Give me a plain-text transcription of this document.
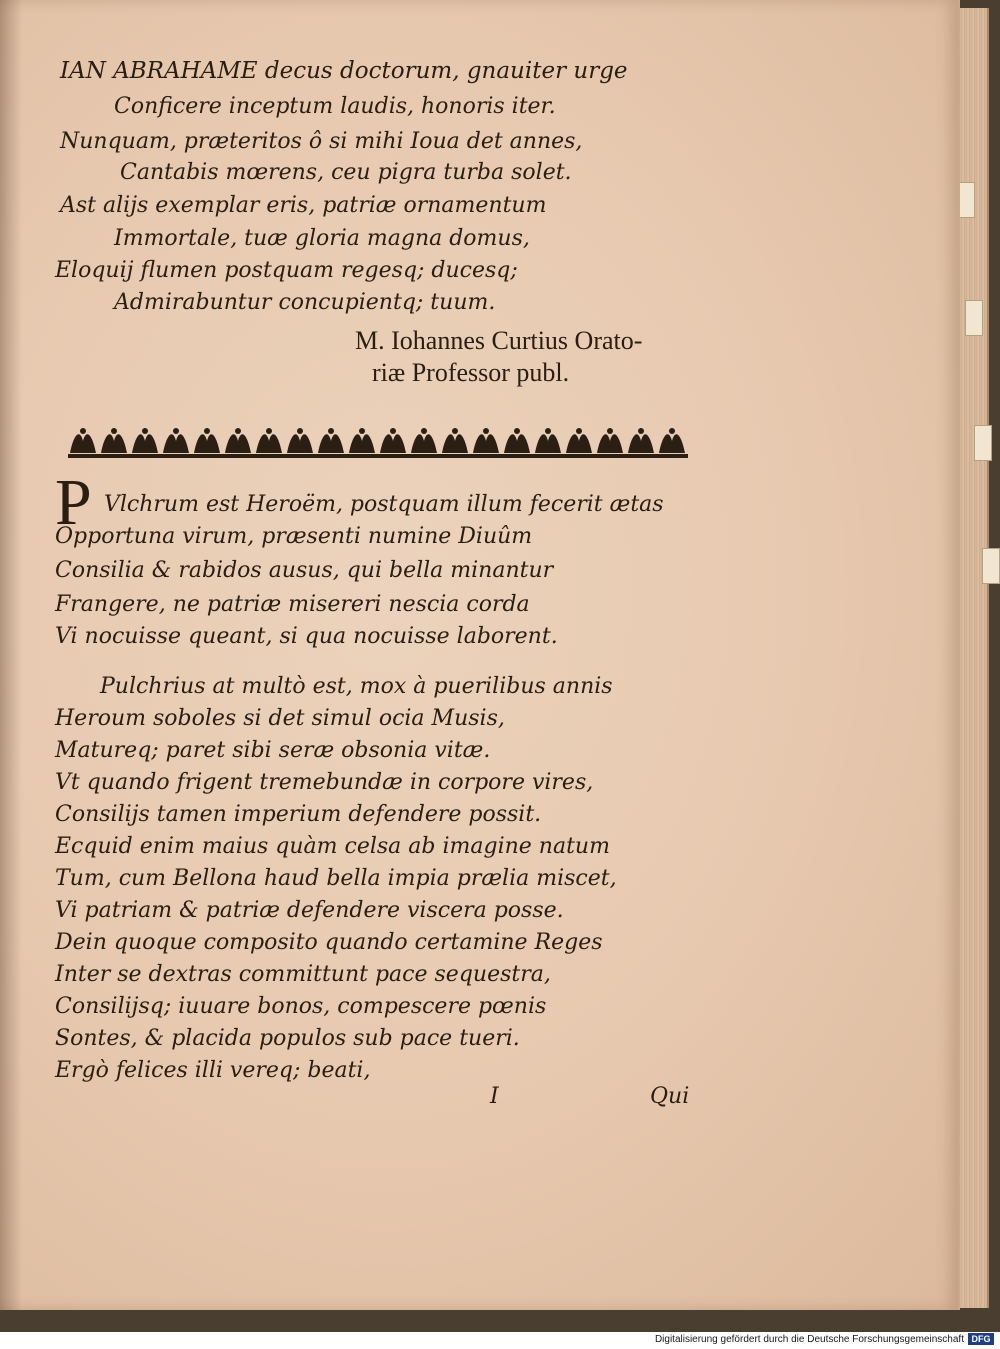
IAN ABRAHAME decus doctorum, gnauiter urge
Conficere inceptum laudis, honoris iter.
Nunquam, præteritos ô si mihi Ioua det annes,
Cantabis mœrens, ceu pigra turba solet.
Ast alijs exemplar eris, patriæ ornamentum
Immortale, tuæ gloria magna domus,
Eloquij flumen postquam regesq; ducesq;
Admirabuntur concupientq; tuum.
M. Iohannes Curtius Orato-
riæ Professor publ.
P Vlchrum est Heroëm, postquam illum fecerit ætas
Opportuna virum, præsenti numine Diuûm
Consilia & rabidos ausus, qui bella minantur
Frangere, ne patriæ misereri nescia corda
Vi nocuisse queant, si qua nocuisse laborent.
Pulchrius at multò est, mox à puerilibus annis
Heroum soboles si det simul ocia Musis,
Matureq; paret sibi seræ obsonia vitæ.
Vt quando frigent tremebundæ in corpore vires,
Consilijs tamen imperium defendere possit.
Ecquid enim maius quàm celsa ab imagine natum
Tum, cum Bellona haud bella impia prælia miscet,
Vi patriam & patriæ defendere viscera posse.
Dein quoque composito quando certamine Reges
Inter se dextras committunt pace sequestra,
Consilijsq; iuuare bonos, compescere pœnis
Sontes, & placida populos sub pace tueri.
Ergò felices illi vereq; beati,
I	Qui
Digitalisierung gefördert durch die Deutsche Forschungsgemeinschaft DFG
